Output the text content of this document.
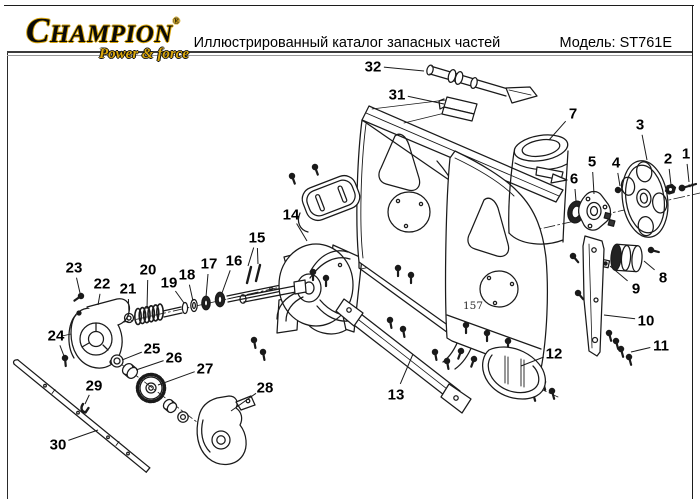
CHAMPION®
Power & force
Иллюстрированный каталог запасных частей	Модель: ST761E
157
1
2
3
4
5
6
7
8
9
10
11
12
13
14
15
16
17
18
19
20
21
22
23
24
25
26
27
28
29
30
31
32
